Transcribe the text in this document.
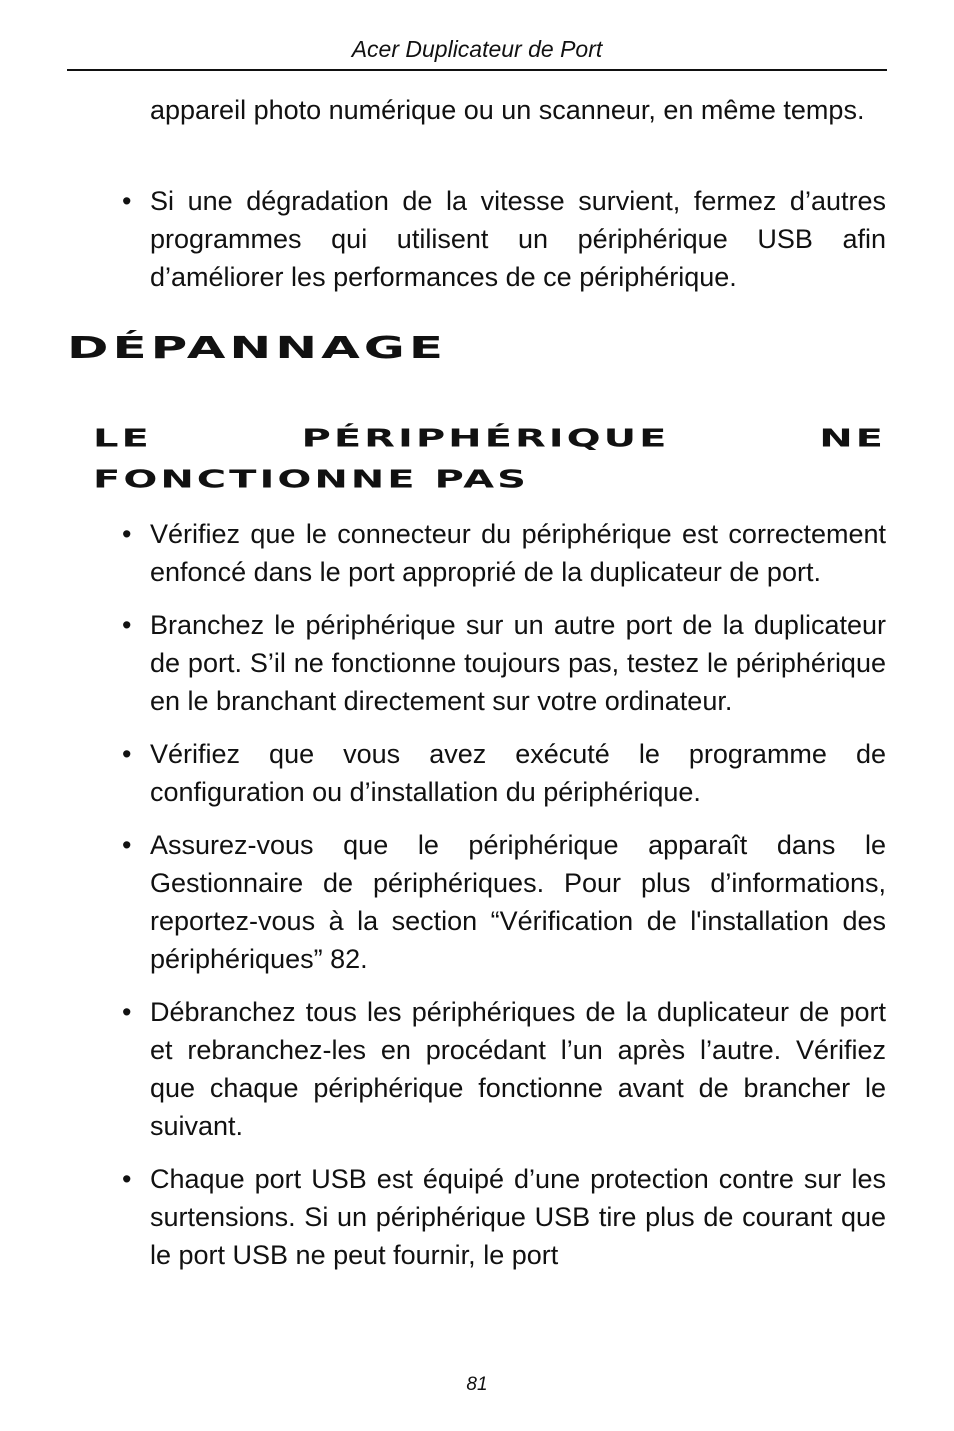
Acer Duplicateur de Port

appareil photo numérique ou un scanneur, en même temps.

• Si une dégradation de la vitesse survient, fermez d’autres programmes qui utilisent un périphérique USB afin d’améliorer les performances de ce périphérique.
DÉPANNAGE
LE PÉRIPHÉRIQUE NE FONCTIONNE PAS
• Vérifiez que le connecteur du périphérique est correctement enfoncé dans le port approprié de la duplicateur de port.
• Branchez le périphérique sur un autre port de la duplicateur de port. S’il ne fonctionne toujours pas, testez le périphérique en le branchant directement sur votre ordinateur.
• Vérifiez que vous avez exécuté le programme de configuration ou d’installation du périphérique.
• Assurez-vous que le périphérique apparaît dans le Gestionnaire de périphériques. Pour plus d’informations, reportez-vous à la section “Vérification de l'installation des périphériques” 82.
• Débranchez tous les périphériques de la duplicateur de port et rebranchez-les en procédant l’un après l’autre. Vérifiez que chaque périphérique fonctionne avant de brancher le suivant.
• Chaque port USB est équipé d’une protection contre sur les surtensions. Si un périphérique USB tire plus de courant que le port USB ne peut fournir, le port
81
